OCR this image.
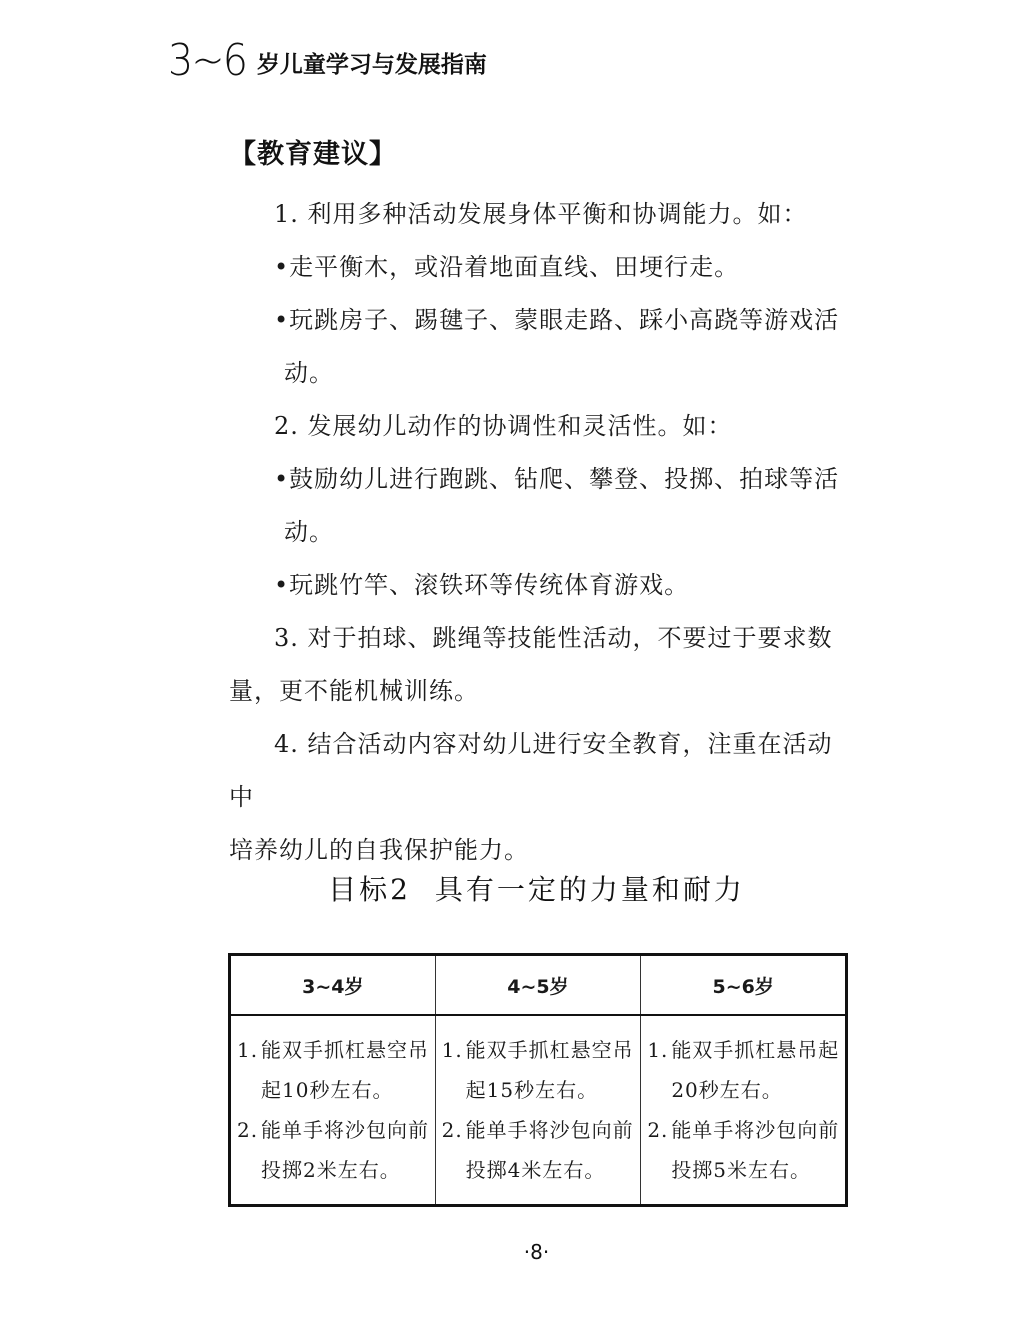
3~6 岁儿童学习与发展指南
【教育建议】

1. 利用多种活动发展身体平衡和协调能力。如：

•走平衡木，或沿着地面直线、田埂行走。

•玩跳房子、踢毽子、蒙眼走路、踩小高跷等游戏活

动。

2. 发展幼儿动作的协调性和灵活性。如：

•鼓励幼儿进行跑跳、钻爬、攀登、投掷、拍球等活

动。

•玩跳竹竿、滚铁环等传统体育游戏。

3. 对于拍球、跳绳等技能性活动，不要过于要求数

量，更不能机械训练。

4. 结合活动内容对幼儿进行安全教育，注重在活动中

培养幼儿的自我保护能力。

目标2 具有一定的力量和耐力
3~4岁	4~5岁	5~6岁

1. 能双手抓杠悬空吊
起10秒左右。
2. 能单手将沙包向前
投掷2米左右。	1. 能双手抓杠悬空吊
起15秒左右。
2. 能单手将沙包向前
投掷4米左右。	1. 能双手抓杠悬吊起
20秒左右。
2. 能单手将沙包向前
投掷5米左右。
·8·
